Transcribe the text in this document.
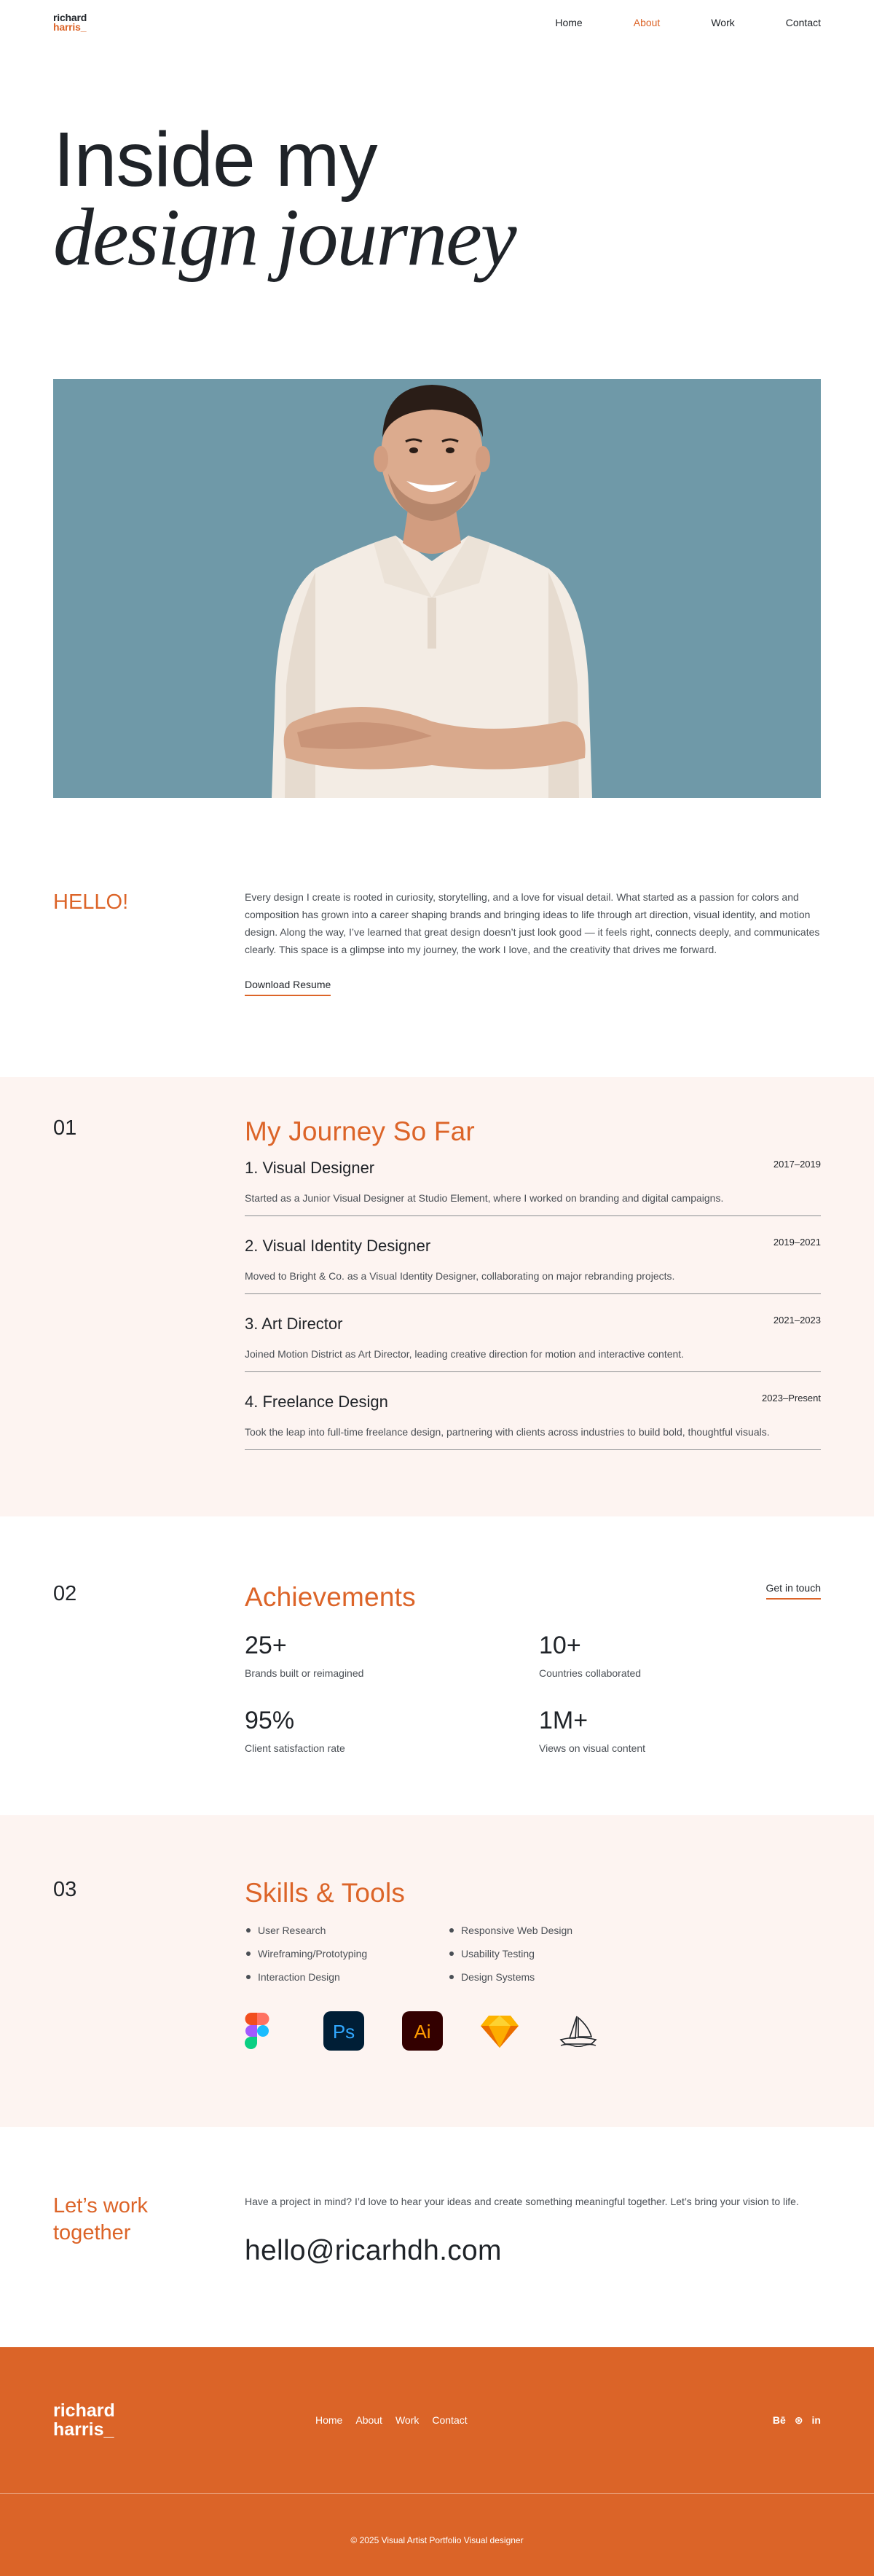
richard
harris_	Home	About	Work	Contact
Inside my
design journey
HELLO!	Every design I create is rooted in curiosity, storytelling, and a love for visual detail. What started as a passion for colors and composition has grown into a career shaping brands and bringing ideas to life through art direction, visual identity, and motion design. Along the way, I’ve learned that great design doesn’t just look good — it feels right, connects deeply, and communicates clearly. This space is a glimpse into my journey, the work I love, and the creativity that drives me forward.

Download Resume
01	My Journey So Far
1. Visual Designer	2017–2019

Started as a Junior Visual Designer at Studio Element, where I worked on branding and digital campaigns.

2. Visual Identity Designer	2019–2021

Moved to Bright & Co. as a Visual Identity Designer, collaborating on major rebranding projects.

3. Art Director	2021–2023

Joined Motion District as Art Director, leading creative direction for motion and interactive content.

4. Freelance Design	2023–Present

Took the leap into full-time freelance design, partnering with clients across industries to build bold, thoughtful visuals.

02	Achievements	Get in touch
25+
Brands built or reimagined
10+
Countries collaborated
95%
Client satisfaction rate
1M+
Views on visual content
03	Skills & Tools
User Research	Responsive Web Design
Wireframing/Prototyping	Usability Testing
Interaction Design	Design Systems
Ps	Ai
Let’s work
together

Have a project in mind? I’d love to hear your ideas and create something meaningful together. Let’s bring your vision to life.

hello@ricarhdh.com
richard
harris_	Home About Work Contact	Bē ⊛ in
© 2025 Visual Artist Portfolio Visual designer
